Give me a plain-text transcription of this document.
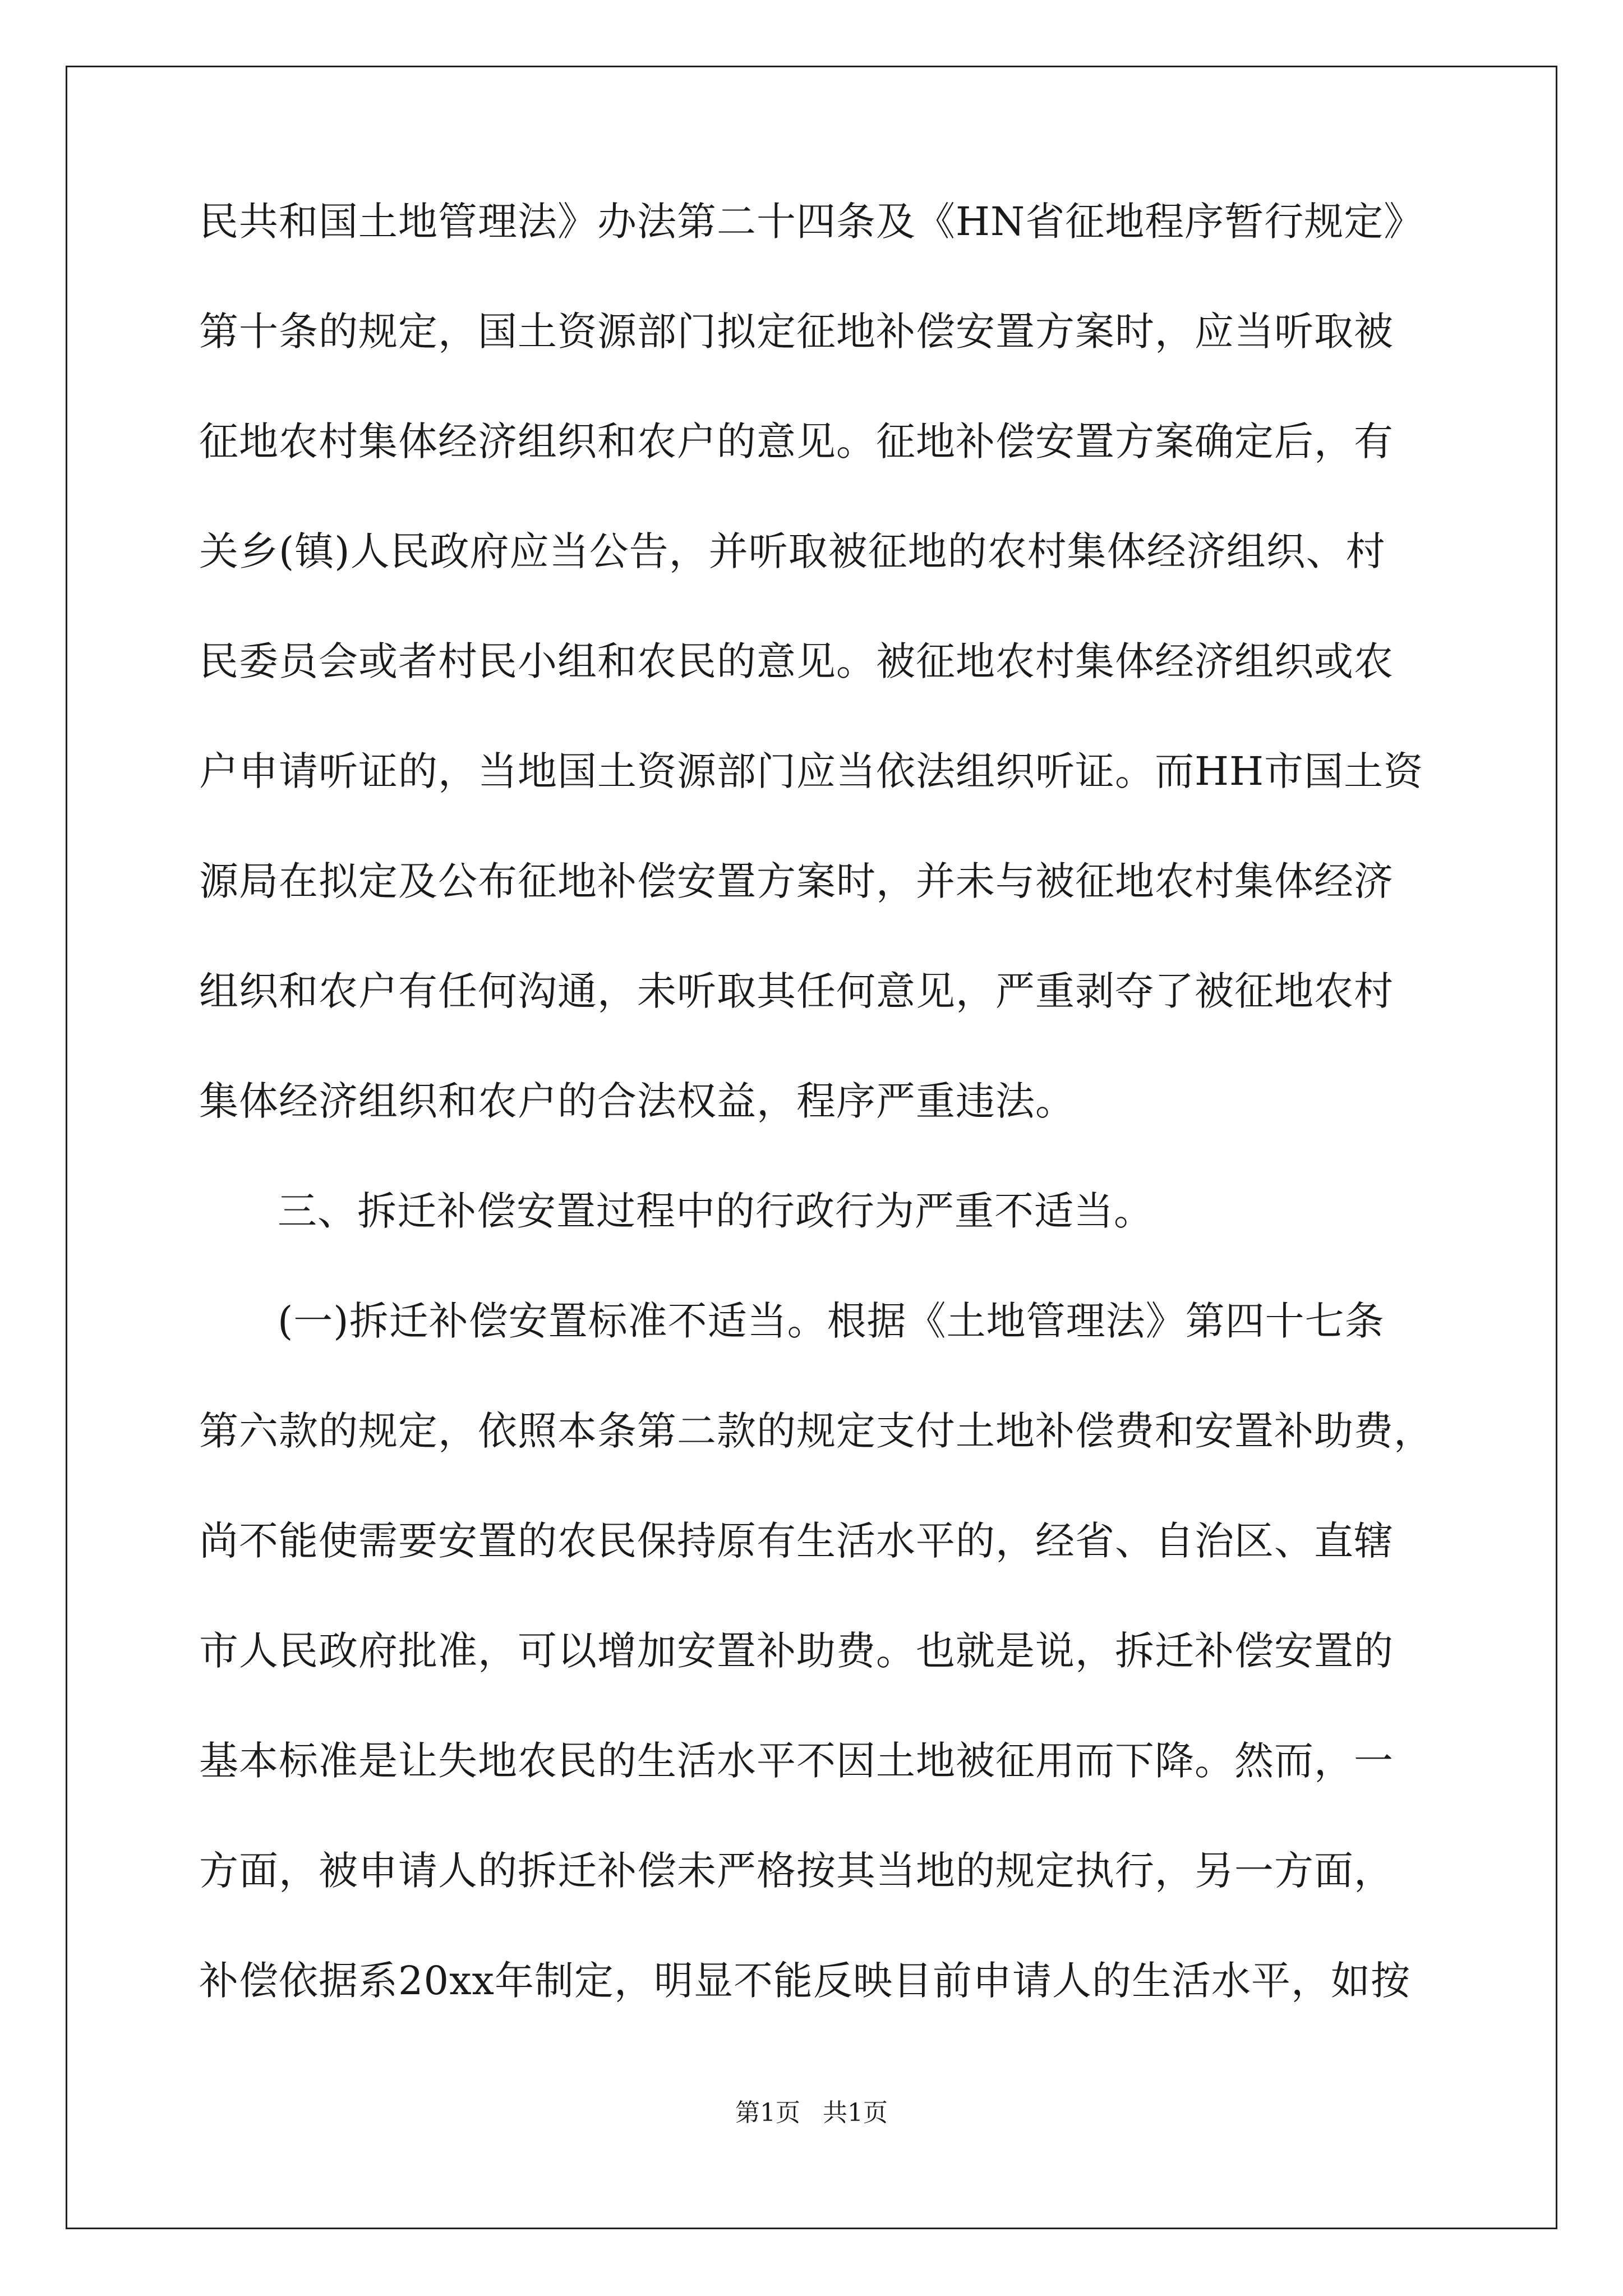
民共和国土地管理法》办法第二十四条及《HN省征地程序暂行规定》
第十条的规定，国土资源部门拟定征地补偿安置方案时，应当听取被
征地农村集体经济组织和农户的意见。征地补偿安置方案确定后，有
关乡(镇)人民政府应当公告，并听取被征地的农村集体经济组织、村
民委员会或者村民小组和农民的意见。被征地农村集体经济组织或农
户申请听证的，当地国土资源部门应当依法组织听证。而HH市国土资
源局在拟定及公布征地补偿安置方案时，并未与被征地农村集体经济
组织和农户有任何沟通，未听取其任何意见，严重剥夺了被征地农村
集体经济组织和农户的合法权益，程序严重违法。
三、拆迁补偿安置过程中的行政行为严重不适当。
(一)拆迁补偿安置标准不适当。根据《土地管理法》第四十七条
第六款的规定，依照本条第二款的规定支付土地补偿费和安置补助费，
尚不能使需要安置的农民保持原有生活水平的，经省、自治区、直辖
市人民政府批准，可以增加安置补助费。也就是说，拆迁补偿安置的
基本标准是让失地农民的生活水平不因土地被征用而下降。然而，一
方面，被申请人的拆迁补偿未严格按其当地的规定执行，另一方面，
补偿依据系20xx年制定，明显不能反映目前申请人的生活水平，如按
第1页 共1页
